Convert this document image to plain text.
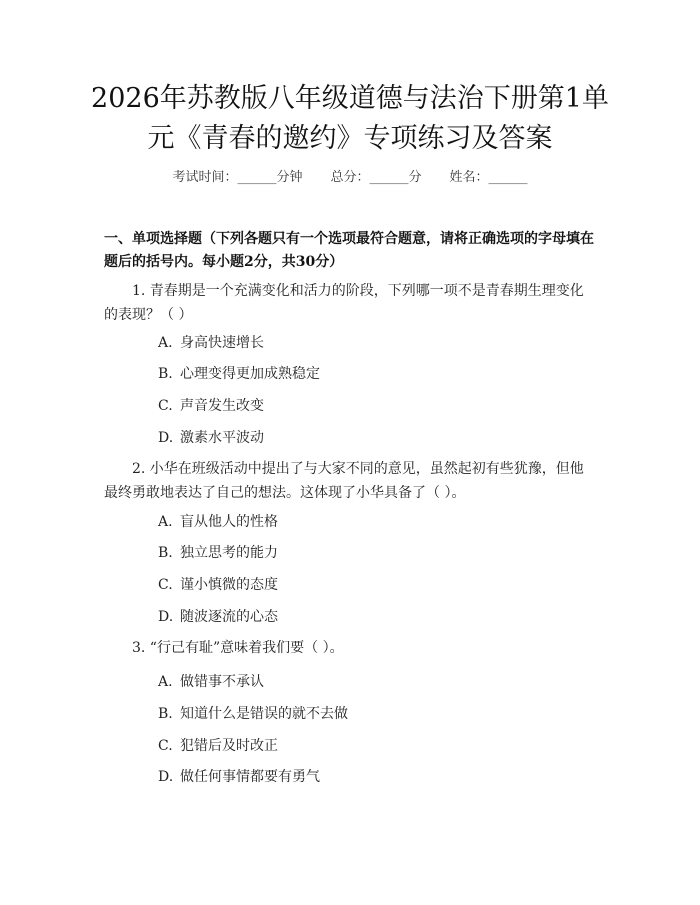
2026年苏教版八年级道德与法治下册第1单
元《青春的邀约》专项练习及答案
考试时间：______分钟 总分：______分 姓名：______
一、单项选择题（下列各题只有一个选项最符合题意，请将正确选项的字母填在题后的括号内。每小题2分，共30分）
1. 青春期是一个充满变化和活力的阶段，下列哪一项不是青春期生理变化的表现？（ ）
A. 身高快速增长
B. 心理变得更加成熟稳定
C. 声音发生改变
D. 激素水平波动
2. 小华在班级活动中提出了与大家不同的意见，虽然起初有些犹豫，但他最终勇敢地表达了自己的想法。这体现了小华具备了（ ）。
A. 盲从他人的性格
B. 独立思考的能力
C. 谨小慎微的态度
D. 随波逐流的心态
3. “行己有耻”意味着我们要（ ）。
A. 做错事不承认
B. 知道什么是错误的就不去做
C. 犯错后及时改正
D. 做任何事情都要有勇气
